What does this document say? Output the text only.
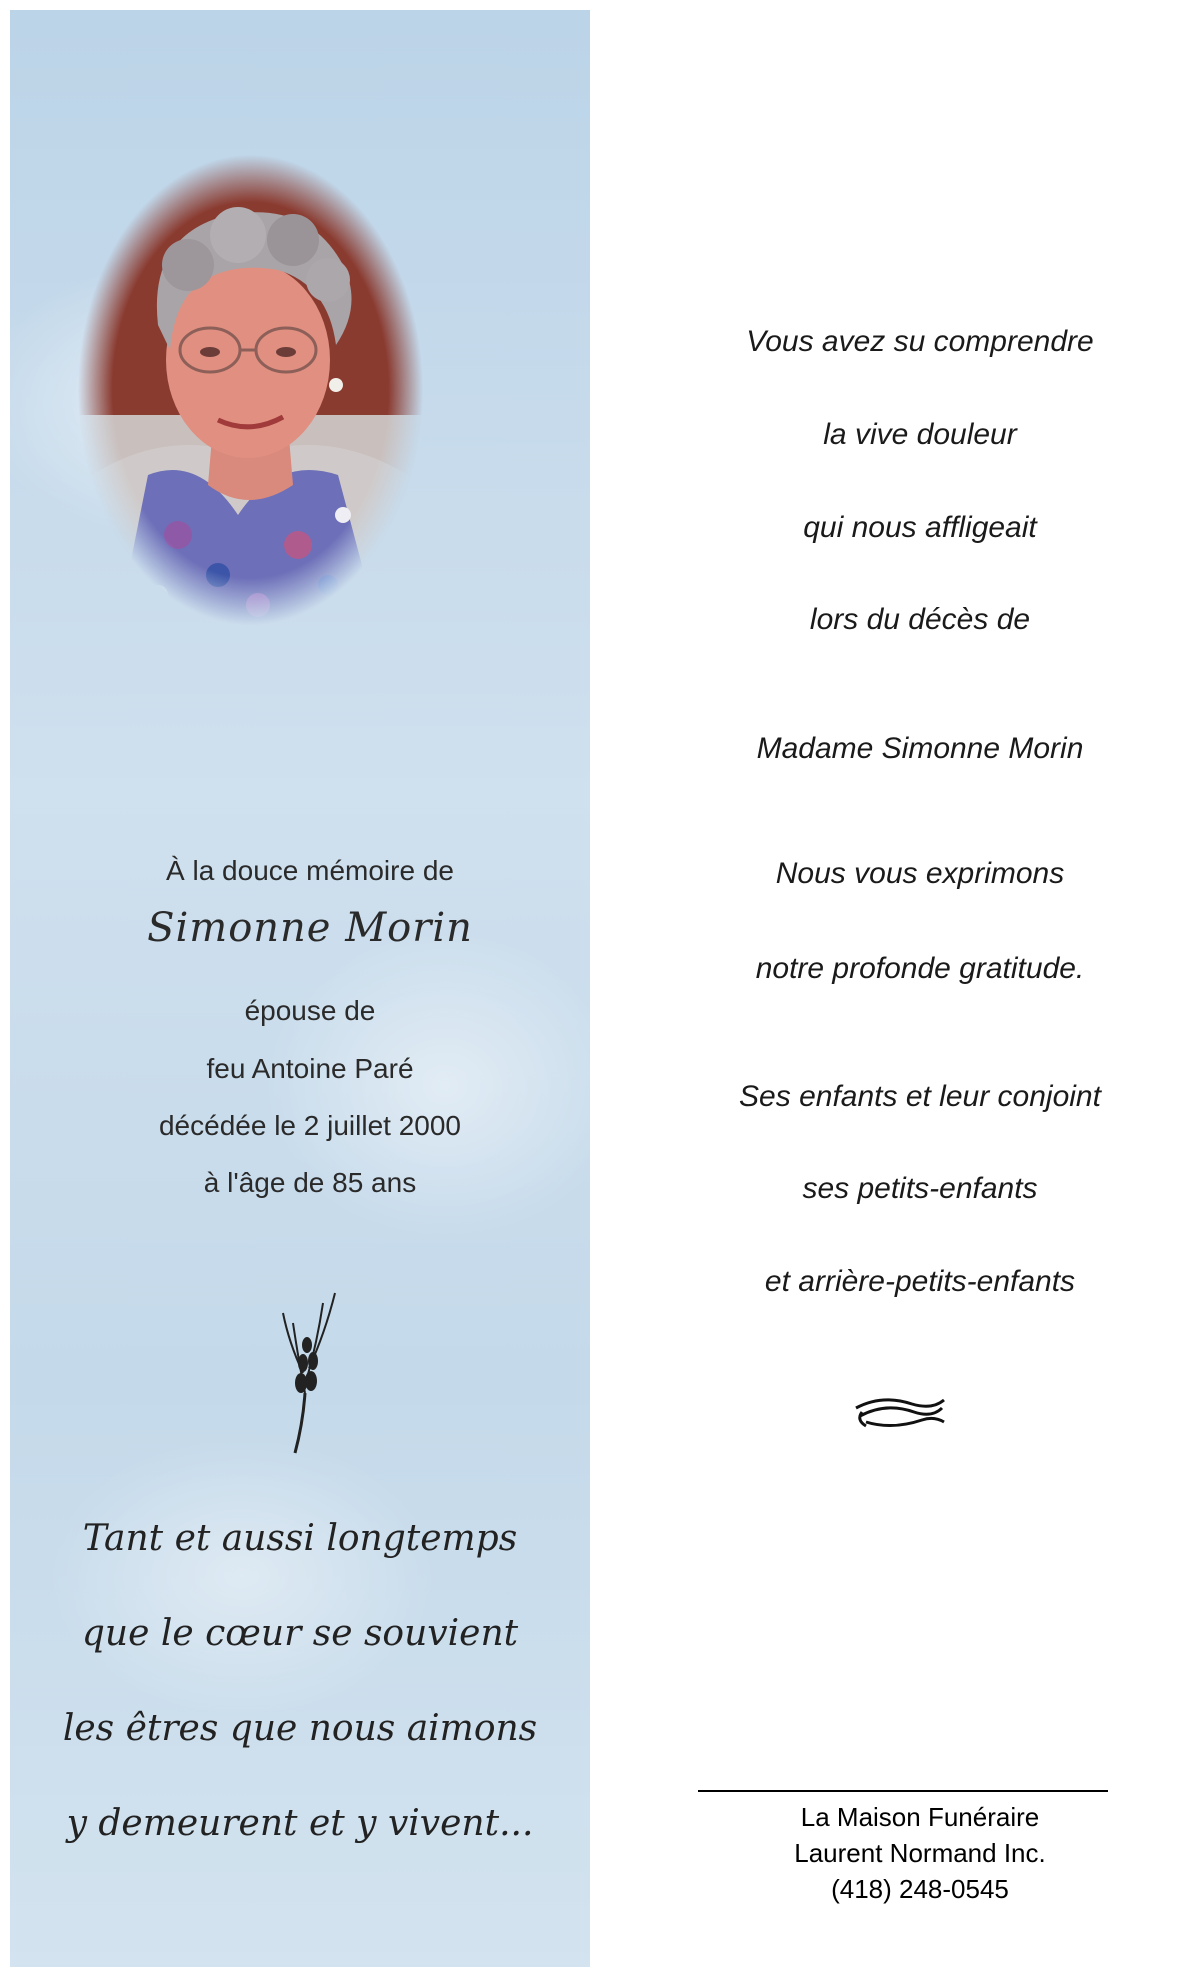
À la douce mémoire de
Simonne Morin
épouse de
feu Antoine Paré
décédée le 2 juillet 2000
à l'âge de 85 ans
Tant et aussi longtemps
que le cœur se souvient
les êtres que nous aimons
y demeurent et y vivent...
Vous avez su comprendre
la vive douleur
qui nous affligeait
lors du décès de
Madame Simonne Morin
Nous vous exprimons
notre profonde gratitude.
Ses enfants et leur conjoint
ses petits-enfants
et arrière-petits-enfants
La Maison Funéraire
Laurent Normand Inc.
(418) 248-0545
